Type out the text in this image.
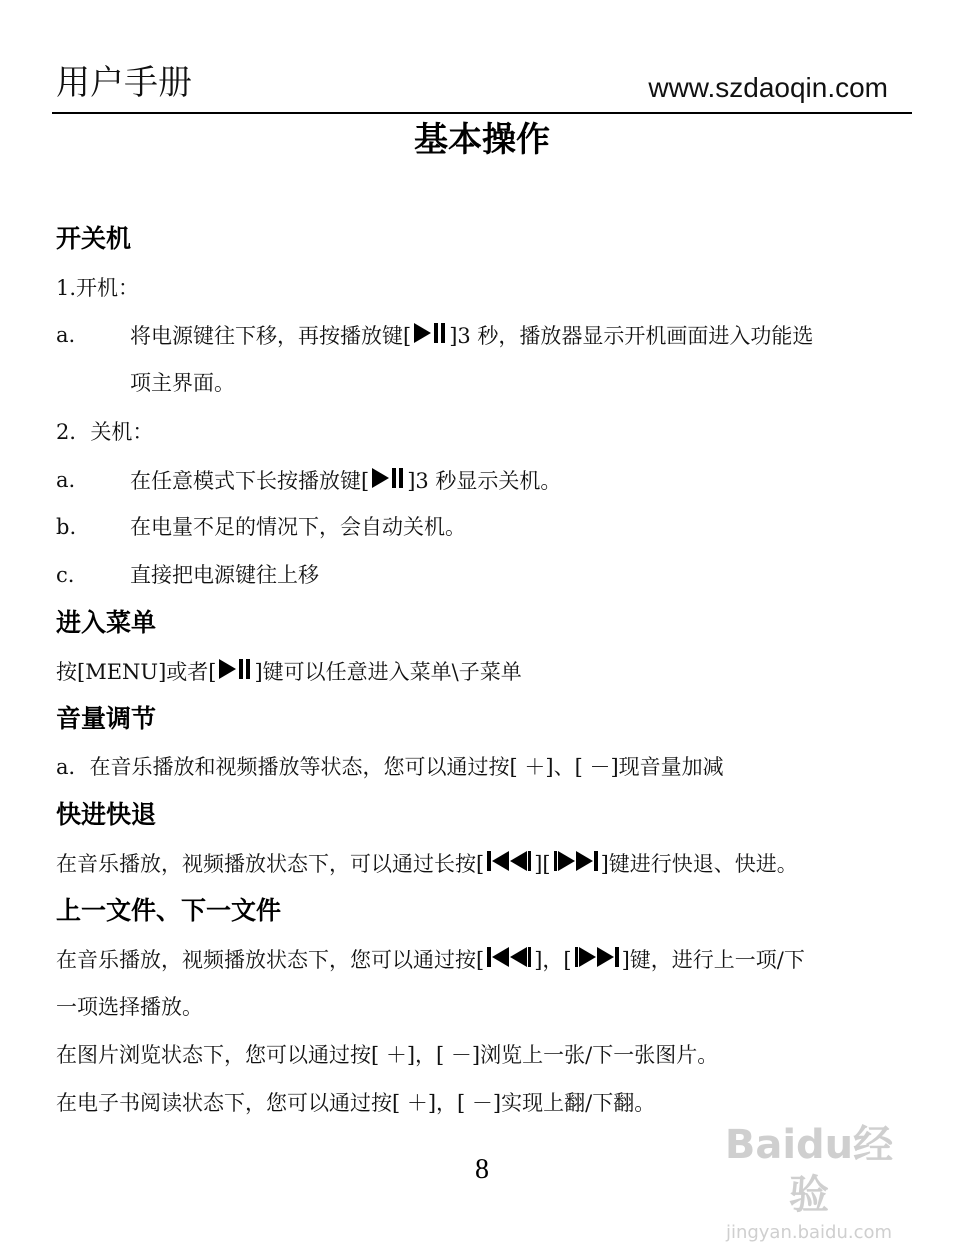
用户手册	www.szdaoqin.com
基本操作
开关机
1.开机：
a.	将电源键往下移，再按播放键[ ]3 秒，播放器显示开机画面进入功能选
项主界面。
2．关机：
a.	在任意模式下长按播放键[ ]3 秒显示关机。
b.	在电量不足的情况下，会自动关机。
c.	直接把电源键往上移
进入菜单
按[MENU]或者[ ]键可以任意进入菜单\子菜单
音量调节
a．在音乐播放和视频播放等状态，您可以通过按[ ＋]、[ －]现音量加减
快进快退
在音乐播放，视频播放状态下，可以通过长按[ ][ ]键进行快退、快进。
上一文件、下一文件
在音乐播放，视频播放状态下，您可以通过按[ ]，[ ]键，进行上一项/下
一项选择播放。
在图片浏览状态下，您可以通过按[ ＋]，[ －]浏览上一张/下一张图片。
在电子书阅读状态下，您可以通过按[ ＋]，[ －]实现上翻/下翻。
8
Baidu经验
jingyan.baidu.com
